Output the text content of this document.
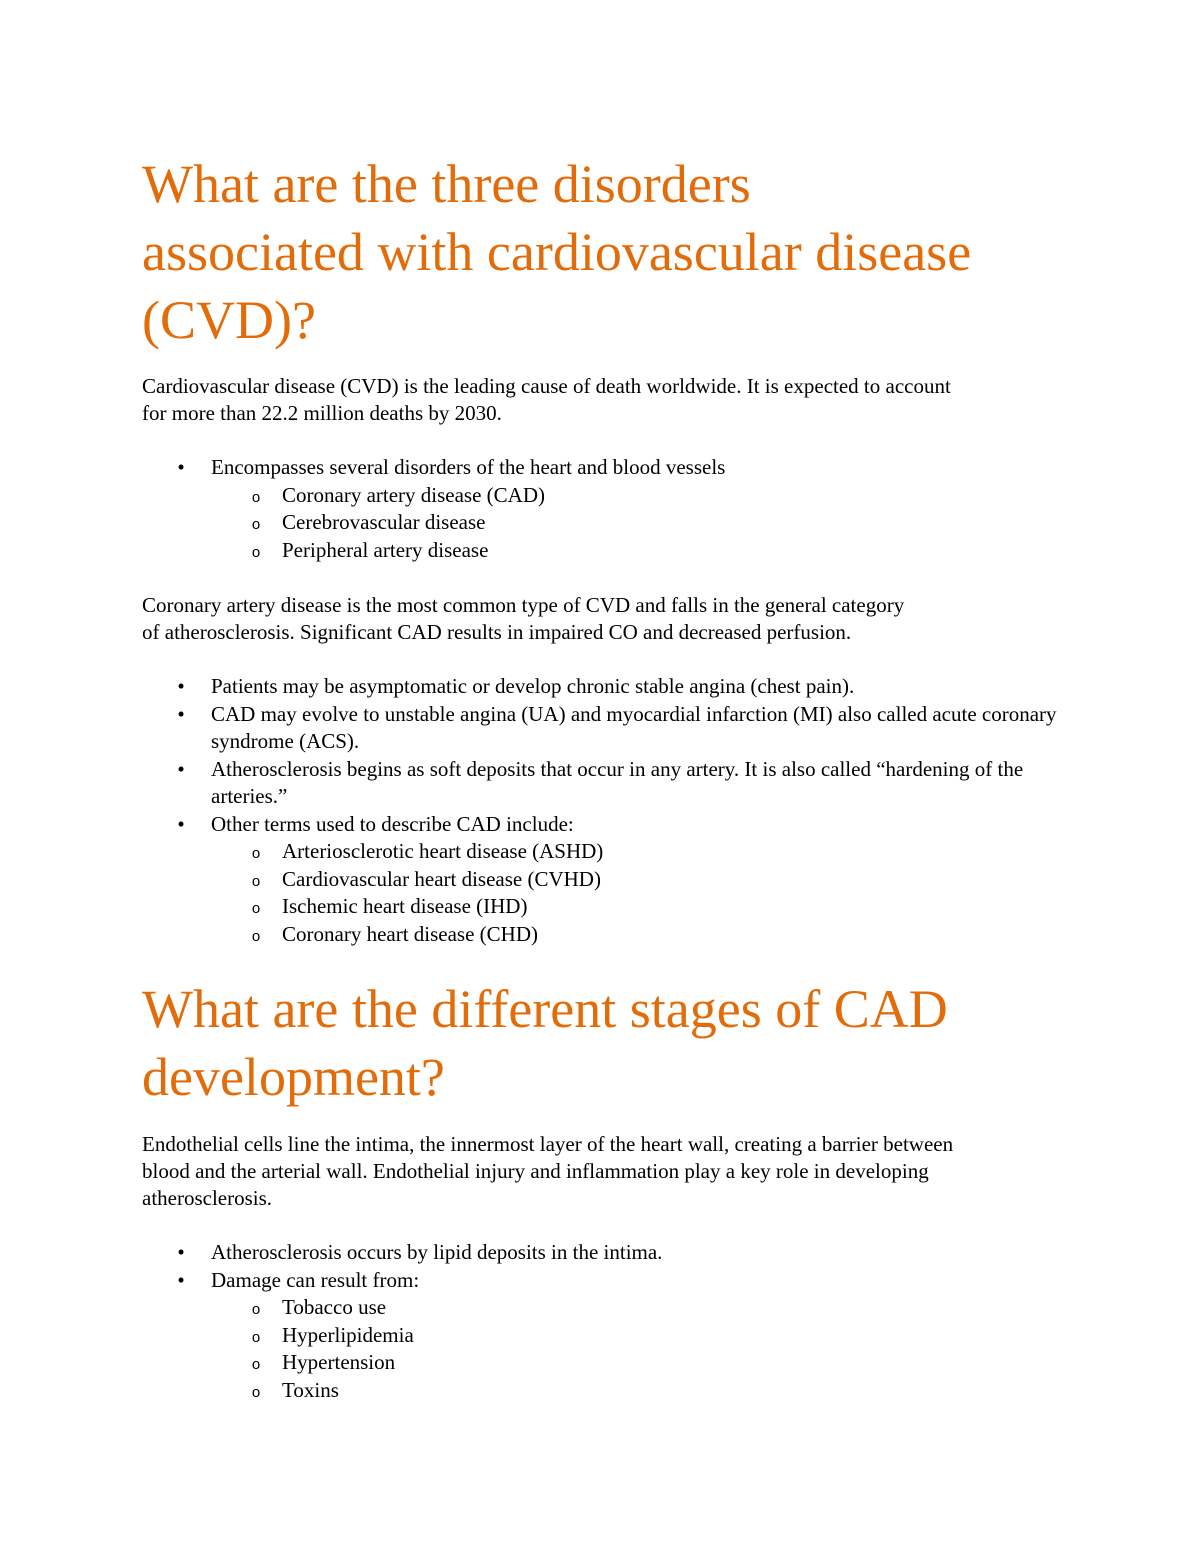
What are the three disorders
associated with cardiovascular disease
(CVD)?

Cardiovascular disease (CVD) is the leading cause of death worldwide. It is expected to account
for more than 22.2 million deaths by 2030.

• Encompasses several disorders of the heart and blood vessels
o Coronary artery disease (CAD)
o Cerebrovascular disease
o Peripheral artery disease

Coronary artery disease is the most common type of CVD and falls in the general category
of atherosclerosis. Significant CAD results in impaired CO and decreased perfusion.

• Patients may be asymptomatic or develop chronic stable angina (chest pain).
• CAD may evolve to unstable angina (UA) and myocardial infarction (MI) also called acute coronary syndrome (ACS).
• Atherosclerosis begins as soft deposits that occur in any artery. It is also called “hardening of the arteries.”
• Other terms used to describe CAD include:
o Arteriosclerotic heart disease (ASHD)
o Cardiovascular heart disease (CVHD)
o Ischemic heart disease (IHD)
o Coronary heart disease (CHD)
What are the different stages of CAD
development?

Endothelial cells line the intima, the innermost layer of the heart wall, creating a barrier between
blood and the arterial wall. Endothelial injury and inflammation play a key role in developing
atherosclerosis.

• Atherosclerosis occurs by lipid deposits in the intima.
• Damage can result from:
o Tobacco use
o Hyperlipidemia
o Hypertension
o Toxins
